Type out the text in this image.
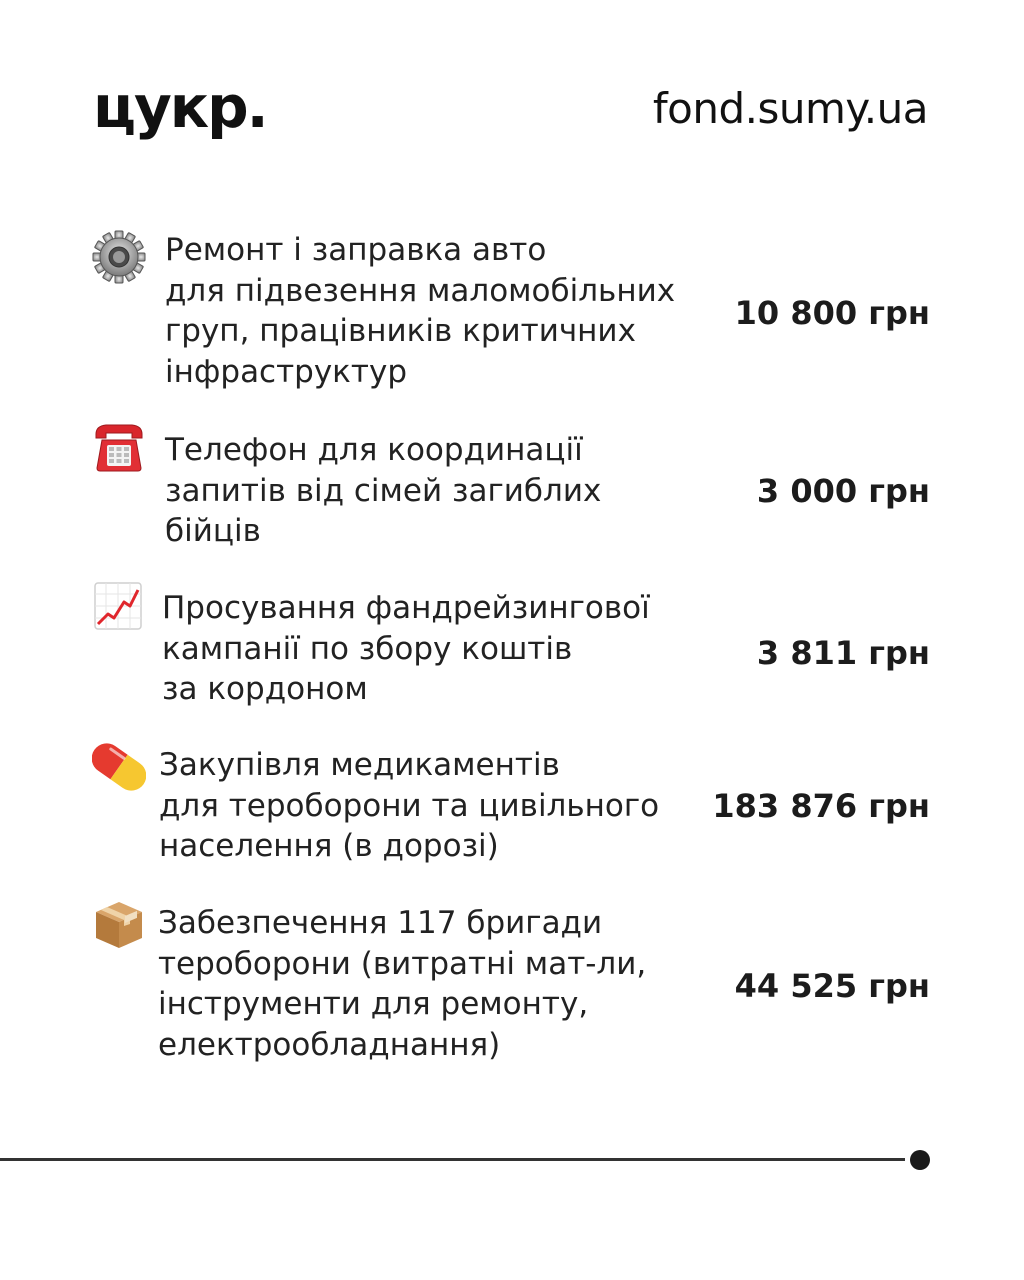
цукр.	fond.sumy.ua
Ремонт і заправка авто
для підвезення маломобільних
груп, працівників критичних
інфраструктур
10 800 грн
Телефон для координації
запитів від сімей загиблих
бійців
3 000 грн
Просування фандрейзингової
кампанії по збору коштів
за кордоном
3 811 грн
Закупівля медикаментів
для тероборони та цивільного
населення (в дорозі)
183 876 грн
Забезпечення 117 бригади
тероборони (витратні мат-ли,
інструменти для ремонту,
електрообладнання)
44 525 грн
